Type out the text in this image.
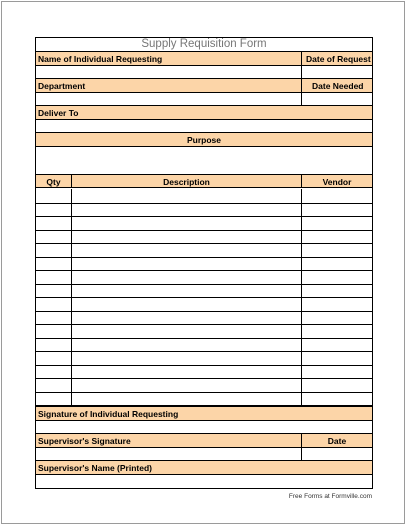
Supply Requisition Form
Name of Individual Requesting	Date of Request
Department	Date Needed
Deliver To
Purpose
Qty	Description	Vendor
Signature of Individual Requesting
Supervisor's Signature	Date
Supervisor's Name (Printed)
Free Forms at Formville.com
